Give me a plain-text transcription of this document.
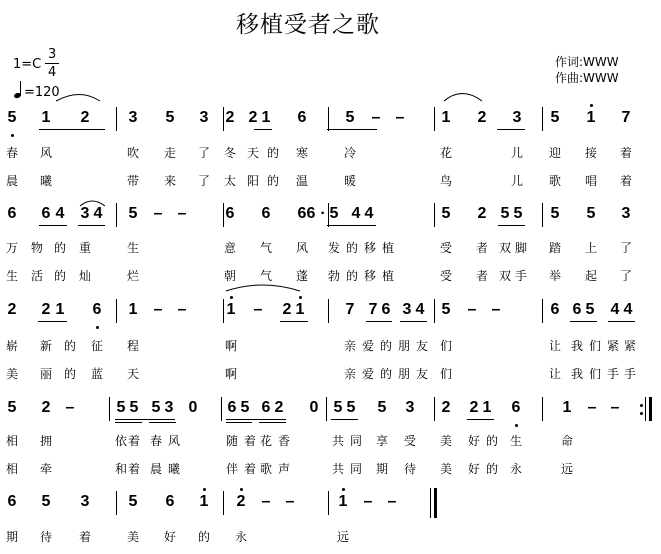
移植受者之歌
1=C
3
4
=120
作词:WWW
作曲:WWW
5 1 2 3 5 3 2 2 1 6 5 – – 1 2 3 5 1 7
春 风	吹 走 了 冬 天 的 寒	冷	花	儿 迎 接 着
晨 曦	带 来 了 太 阳 的 温	暖	鸟	儿 歌 唱 着
6 6 4 3 4 5 – – 6 6 6 6 · 5 4 4	5 2 5 5 5 5 3
万 物 的 重	生	意 气 风 发 的 移 植	受 者 双 脚 踏 上 了
生 活 的 灿	烂	朝 气 蓬 勃 的 移 植	受 者 双 手 举 起 了
2 2 1 6 1 – –	1 – 2 1	7 7 6 3 4 5 – –	6 6 5 4 4
崭 新 的 征 程	啊	亲 爱 的 朋 友 们	让 我 们 紧 紧
美 丽 的 蓝 天	啊	亲 爱 的 朋 友 们	让 我 们 手 手
5 2 –	5 5 5 3 0 6 5 6 2 0 5 5 5 3 2 2 1 6	1 – –
相 拥	依 着 春 风	随 着 花 香	共 同 享 受 美 好 的 生	命
相 牵	和 着 晨 曦	伴 着 歌 声	共 同 期 待 美 好 的 永	远
6 5 3 5 6 1 2 – –	1 – –
期 待 着	美 好 的 永	远
